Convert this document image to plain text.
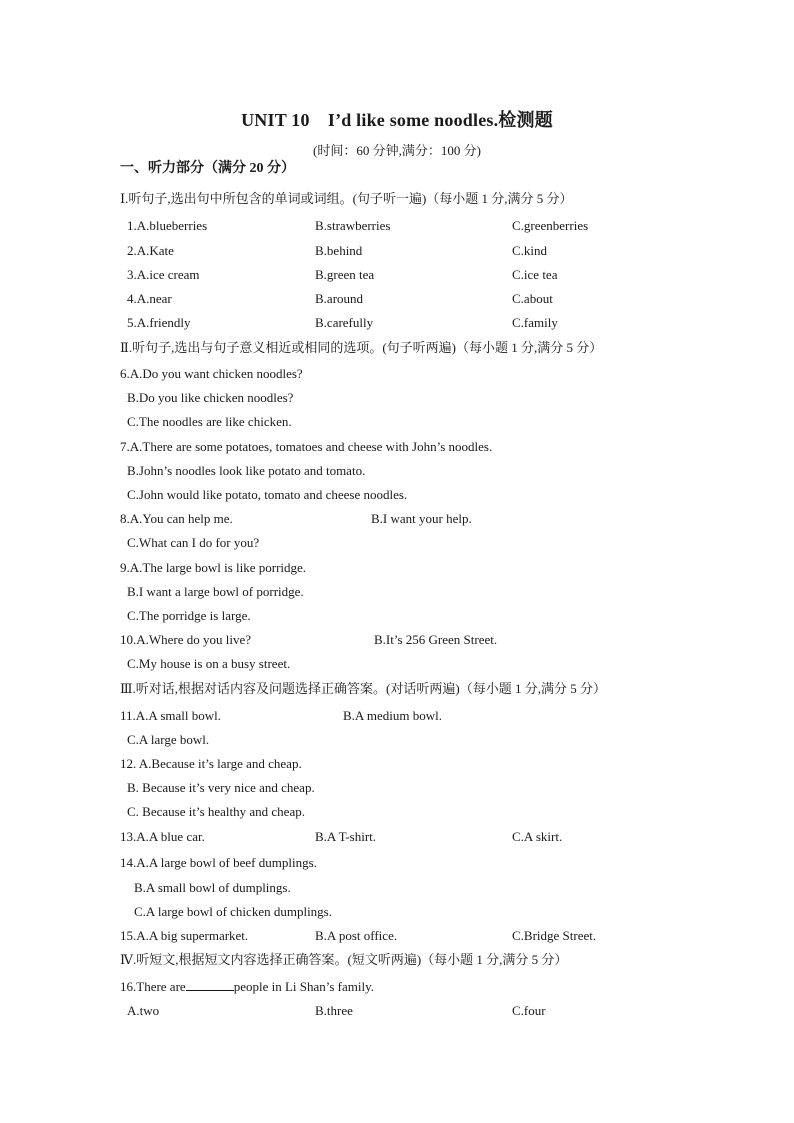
UNIT 10　I’d like some noodles.检测题
(时间：60 分钟,满分：100 分)
一、听力部分（满分 20 分）
Ⅰ.听句子,选出句中所包含的单词或词组。(句子听一遍)（每小题 1 分,满分 5 分）
1.A.blueberries	B.strawberries	C.greenberries
2.A.Kate	B.behind	C.kind
3.A.ice cream	B.green tea	C.ice tea
4.A.near	B.around	C.about
5.A.friendly	B.carefully	C.family
Ⅱ.听句子,选出与句子意义相近或相同的选项。(句子听两遍)（每小题 1 分,满分 5 分）
6.A.Do you want chicken noodles?
B.Do you like chicken noodles?
C.The noodles are like chicken.
7.A.There are some potatoes, tomatoes and cheese with John’s noodles.
B.John’s noodles look like potato and tomato.
C.John would like potato, tomato and cheese noodles.
8.A.You can help me.	B.I want your help.
C.What can I do for you?
9.A.The large bowl is like porridge.
B.I want a large bowl of porridge.
C.The porridge is large.
10.A.Where do you live?	B.It’s 256 Green Street.
C.My house is on a busy street.
Ⅲ.听对话,根据对话内容及问题选择正确答案。(对话听两遍)（每小题 1 分,满分 5 分）
11.A.A small bowl.	B.A medium bowl.
C.A large bowl.
12. A.Because it’s large and cheap.
B. Because it’s very nice and cheap.
C. Because it’s healthy and cheap.
13.A.A blue car.	B.A T-shirt.	C.A skirt.
14.A.A large bowl of beef dumplings.
B.A small bowl of dumplings.
C.A large bowl of chicken dumplings.
15.A.A big supermarket.	B.A post office.	C.Bridge Street.
Ⅳ.听短文,根据短文内容选择正确答案。(短文听两遍)（每小题 1 分,满分 5 分）
16.There are	people in Li Shan’s family.
A.two	B.three	C.four
